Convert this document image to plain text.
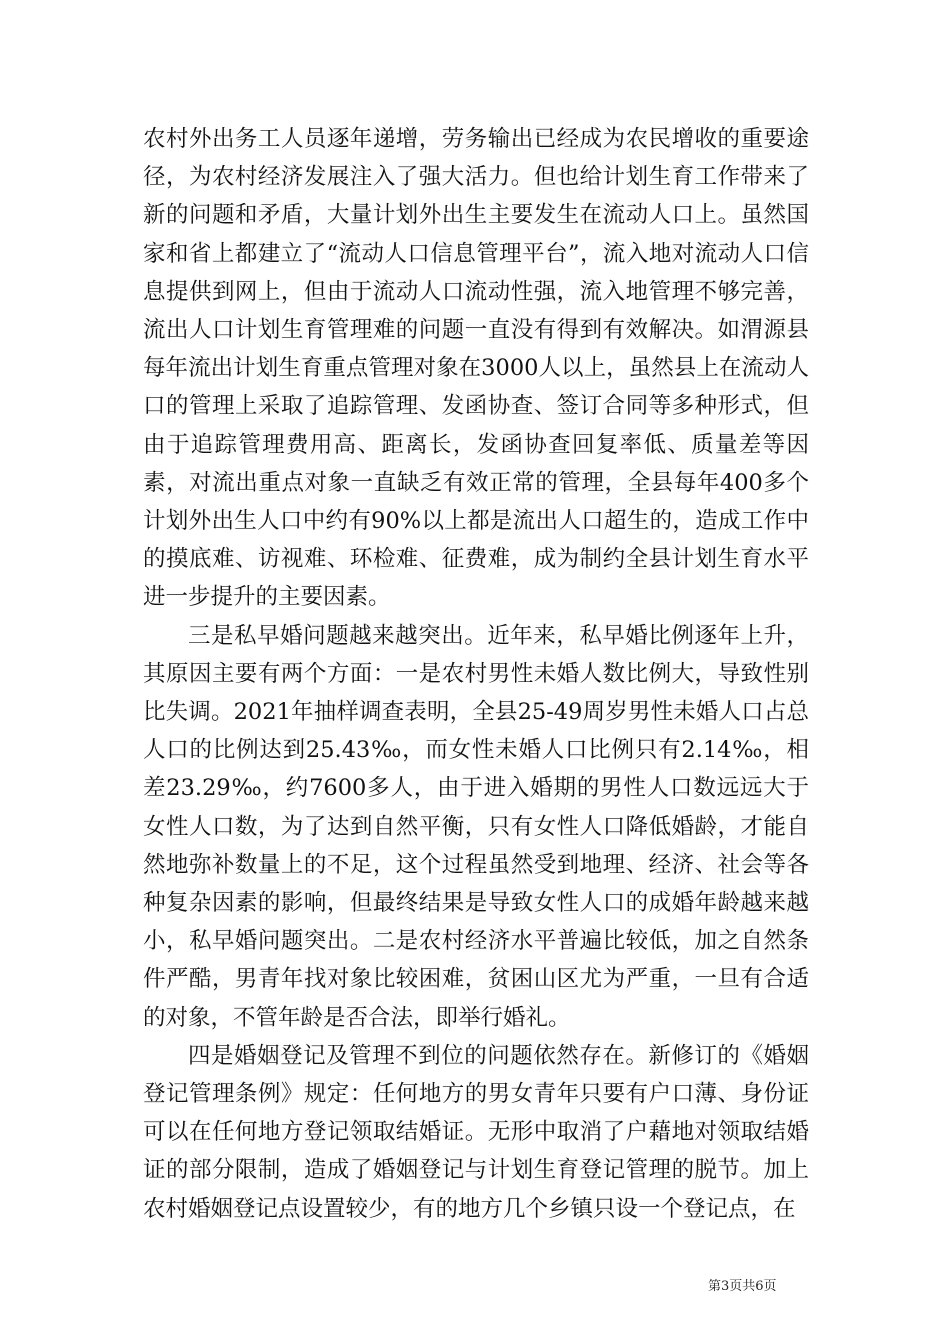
农村外出务工人员逐年递增，劳务输出已经成为农民增收的重要途径，为农村经济发展注入了强大活力。但也给计划生育工作带来了新的问题和矛盾，大量计划外出生主要发生在流动人口上。虽然国家和省上都建立了“流动人口信息管理平台”，流入地对流动人口信息提供到网上，但由于流动人口流动性强，流入地管理不够完善，流出人口计划生育管理难的问题一直没有得到有效解决。如渭源县每年流出计划生育重点管理对象在3000人以上，虽然县上在流动人口的管理上采取了追踪管理、发函协查、签订合同等多种形式，但由于追踪管理费用高、距离长，发函协查回复率低、质量差等因素，对流出重点对象一直缺乏有效正常的管理，全县每年400多个计划外出生人口中约有90%以上都是流出人口超生的，造成工作中的摸底难、访视难、环检难、征费难，成为制约全县计划生育水平进一步提升的主要因素。

三是私早婚问题越来越突出。近年来，私早婚比例逐年上升，其原因主要有两个方面：一是农村男性未婚人数比例大，导致性别比失调。2021年抽样调查表明，全县25-49周岁男性未婚人口占总人口的比例达到25.43‰，而女性未婚人口比例只有2.14‰，相差23.29‰，约7600多人，由于进入婚期的男性人口数远远大于女性人口数，为了达到自然平衡，只有女性人口降低婚龄，才能自然地弥补数量上的不足，这个过程虽然受到地理、经济、社会等各种复杂因素的影响，但最终结果是导致女性人口的成婚年龄越来越小，私早婚问题突出。二是农村经济水平普遍比较低，加之自然条件严酷，男青年找对象比较困难，贫困山区尤为严重，一旦有合适的对象，不管年龄是否合法，即举行婚礼。

四是婚姻登记及管理不到位的问题依然存在。新修订的《婚姻登记管理条例》规定：任何地方的男女青年只要有户口薄、身份证可以在任何地方登记领取结婚证。无形中取消了户藉地对领取结婚证的部分限制，造成了婚姻登记与计划生育登记管理的脱节。加上农村婚姻登记点设置较少，有的地方几个乡镇只设一个登记点，在

第3页共6页
